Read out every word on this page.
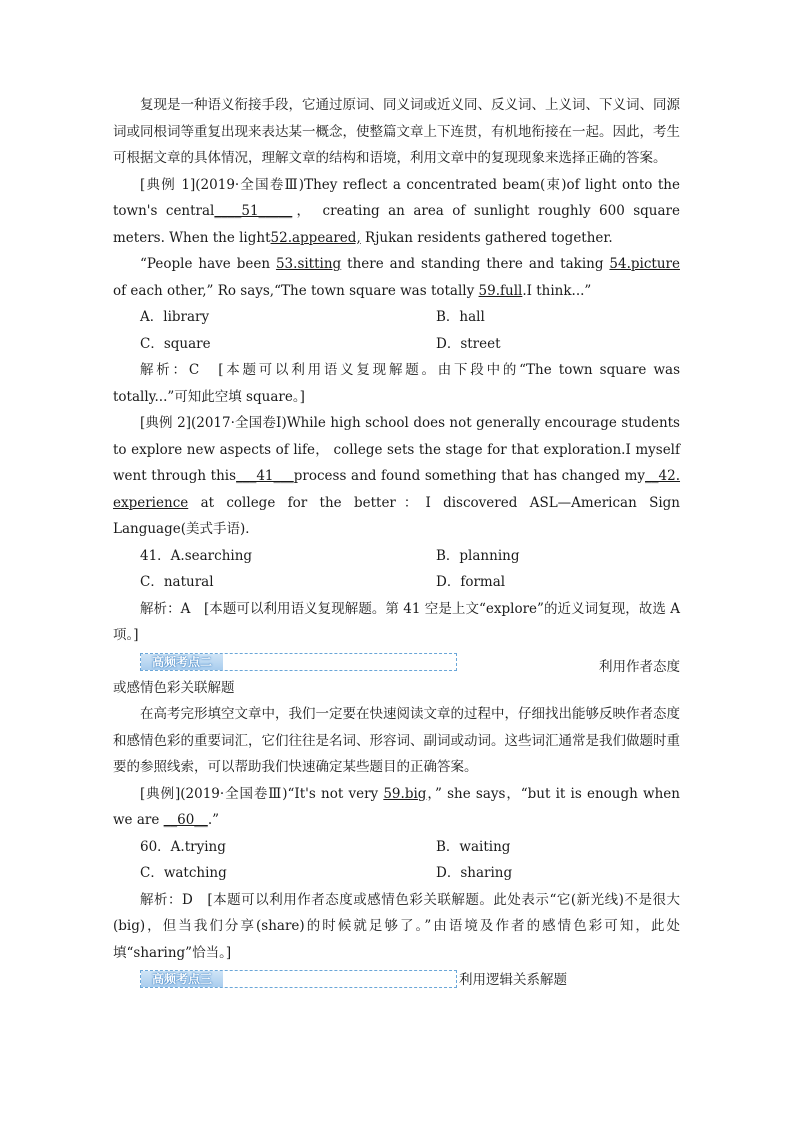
复现是一种语义衔接手段，它通过原词、同义词或近义同、反义词、上义词、下义词、同源词或同根词等重复出现来表达某一概念，使整篇文章上下连贯，有机地衔接在一起。因此，考生可根据文章的具体情况，理解文章的结构和语境，利用文章中的复现现象来选择正确的答案。

[典例 1](2019·全国卷Ⅲ)They reflect a concentrated beam(束)of light onto the town's central____51_____， creating an area of sunlight roughly 600 square meters. When the light52.appeared, Rjukan residents gathered together.

“People have been 53.sitting there and standing there and taking 54.picture of each other,” Ro says,“The town square was totally 59.full.I think...”

A．library	B．hall
C．square	D．street

解析：C　[本题可以利用语义复现解题。由下段中的“The town square was totally...”可知此空填 square。]

[典例 2](2017·全国卷Ⅰ)While high school does not generally encourage students to explore new aspects of life， college sets the stage for that exploration.I myself went through this___41___process and found something that has changed my__42. experience at college for the better：I discovered ASL—American Sign Language(美式手语)．

41．A.searching	B．planning
C．natural	D．formal

解析：A　[本题可以利用语义复现解题。第 41 空是上文“explore”的近义词复现，故选 A 项。]

高频考点二	利用作者态度

或感情色彩关联解题

在高考完形填空文章中，我们一定要在快速阅读文章的过程中，仔细找出能够反映作者态度和感情色彩的重要词汇，它们往往是名词、形容词、副词或动词。这些词汇通常是我们做题时重要的参照线索，可以帮助我们快速确定某些题目的正确答案。

[典例](2019·全国卷Ⅲ)“It's not very 59.big，” she says，“but it is enough when we are __60__.”

60．A.trying	B．waiting
C．watching	D．sharing

解析：D　[本题可以利用作者态度或感情色彩关联解题。此处表示“它(新光线)不是很大(big)，但当我们分享(share)的时候就足够了。”由语境及作者的感情色彩可知，此处填“sharing”恰当。]

高频考点三	利用逻辑关系解题
